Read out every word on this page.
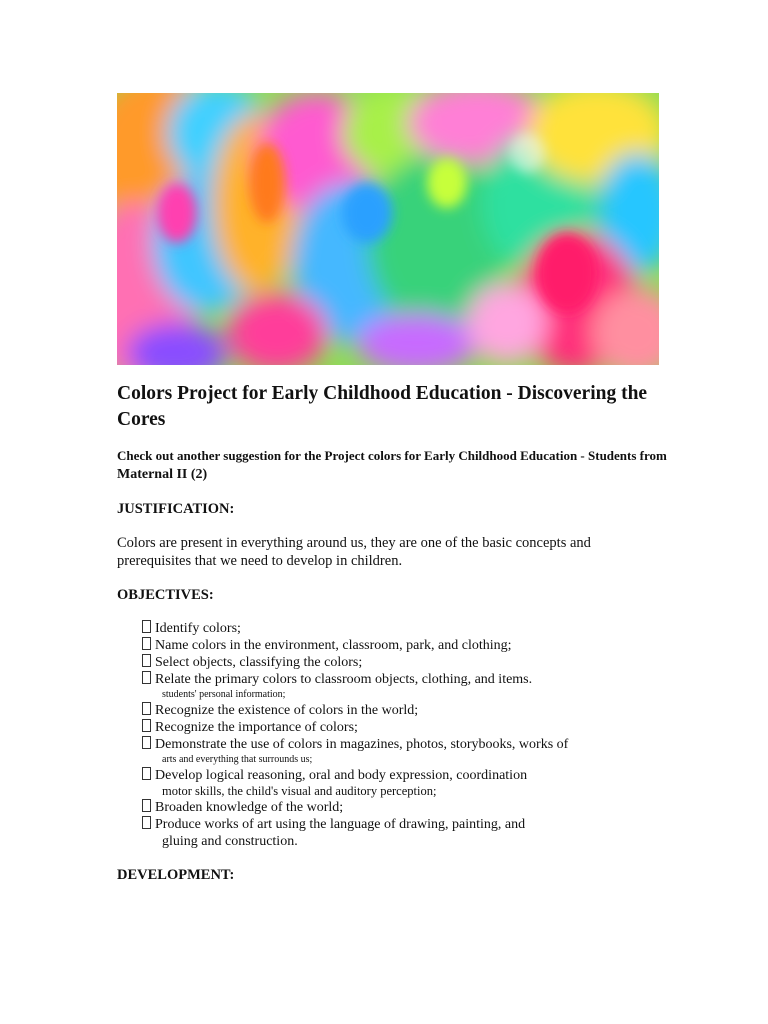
Colors Project for Early Childhood Education - Discovering the Cores
Check out another suggestion for the Project colors for Early Childhood Education - Students from Maternal II (2)
JUSTIFICATION:

Colors are present in everything around us, they are one of the basic concepts and prerequisites that we need to develop in children.

OBJECTIVES:
Identify colors;
Name colors in the environment, classroom, park, and clothing;
Select objects, classifying the colors;
Relate the primary colors to classroom objects, clothing, and items.
students' personal information;
Recognize the existence of colors in the world;
Recognize the importance of colors;
Demonstrate the use of colors in magazines, photos, storybooks, works of
arts and everything that surrounds us;
Develop logical reasoning, oral and body expression, coordination
motor skills, the child's visual and auditory perception;
Broaden knowledge of the world;
Produce works of art using the language of drawing, painting, and
gluing and construction.
DEVELOPMENT:
